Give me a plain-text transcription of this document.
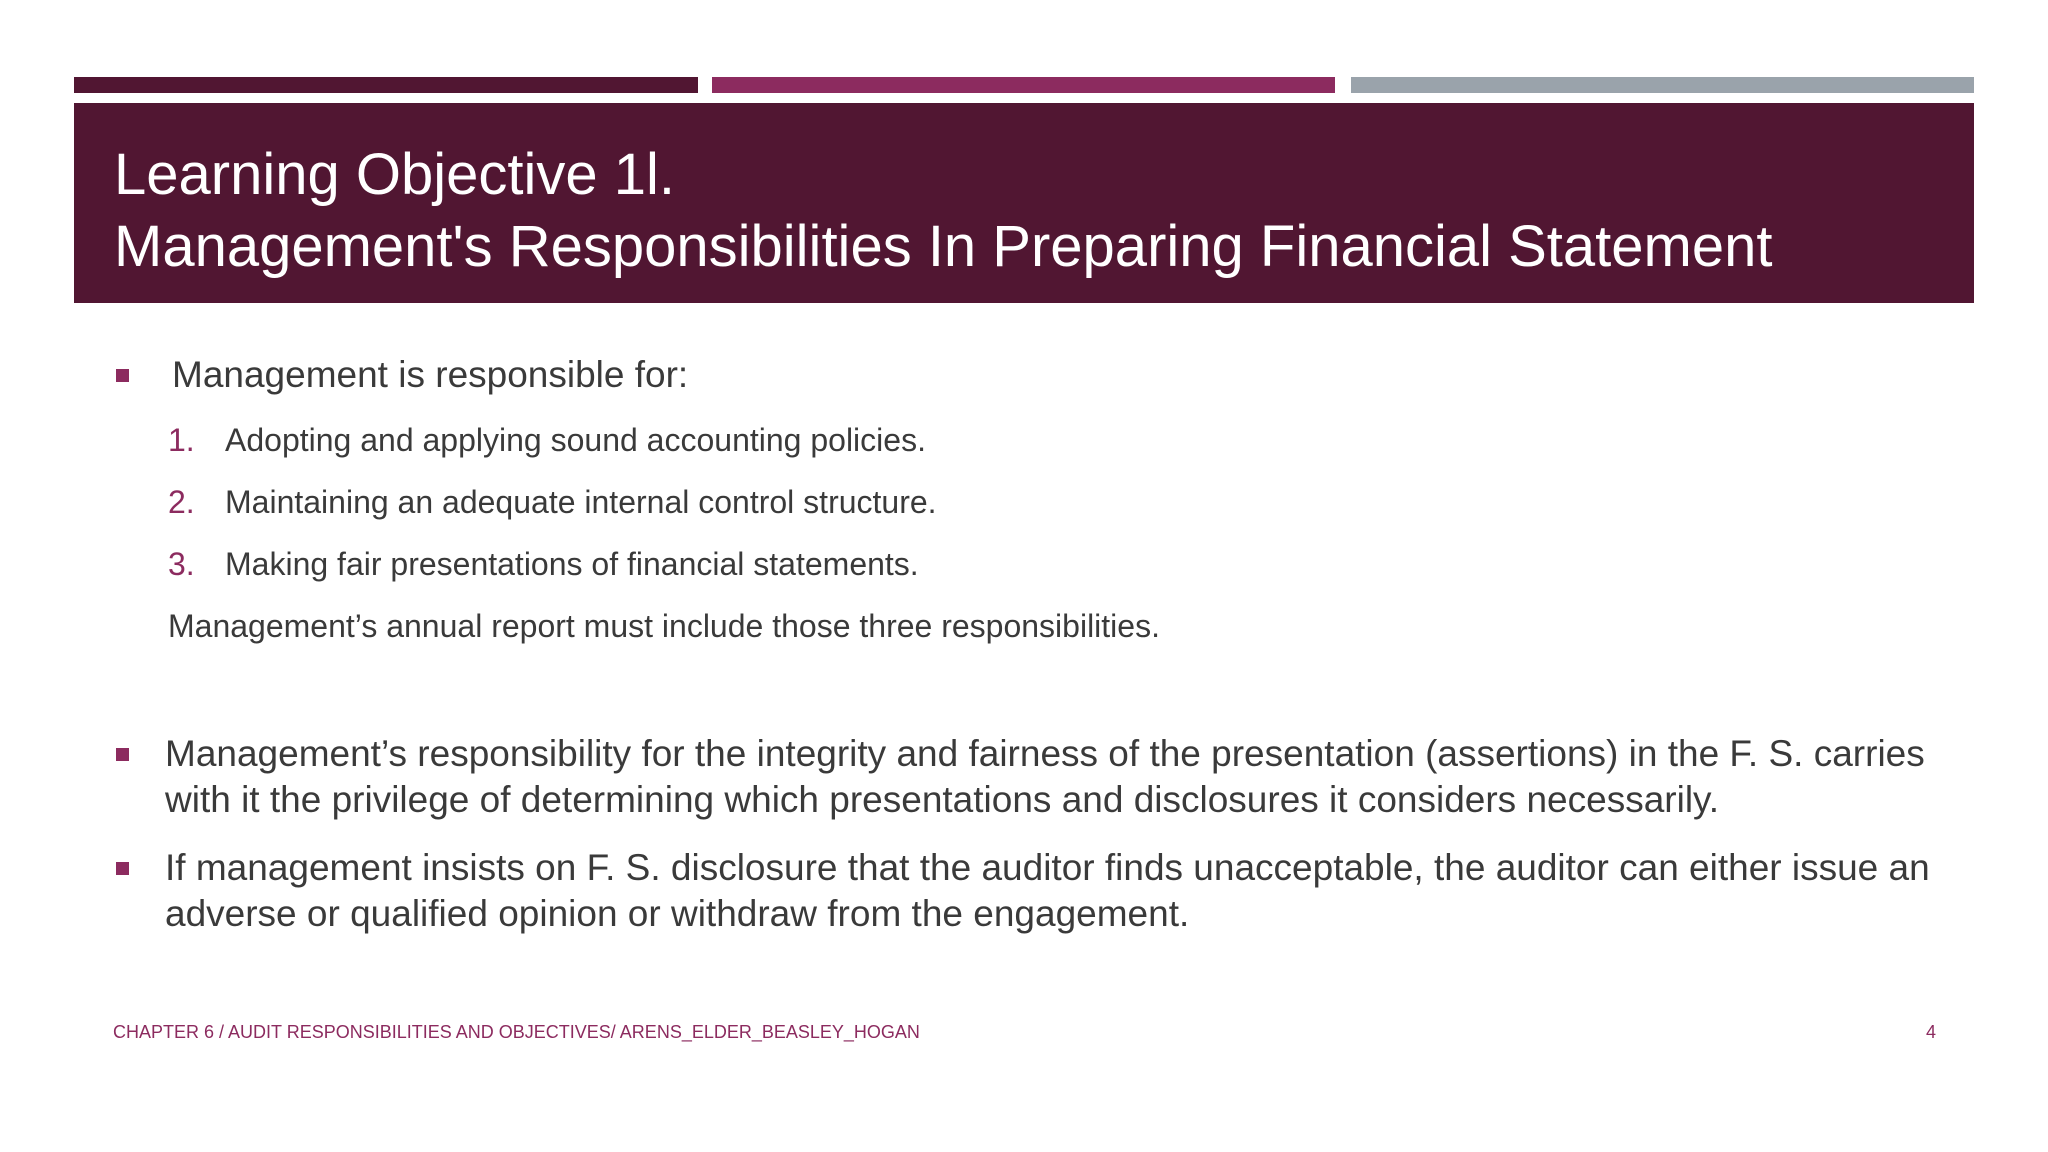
Learning Objective 1l.
Management's Responsibilities In Preparing Financial Statement
Management is responsible for:
1. Adopting and applying sound accounting policies.
2. Maintaining an adequate internal control structure.
3. Making fair presentations of financial statements.
Management’s annual report must include those three responsibilities.
Management’s responsibility for the integrity and fairness of the presentation (assertions) in the F. S. carries with it the privilege of determining which presentations and disclosures it considers necessarily.
If management insists on F. S. disclosure that the auditor finds unacceptable, the auditor can either issue an adverse or qualified opinion or withdraw from the engagement.
CHAPTER 6 / AUDIT RESPONSIBILITIES AND OBJECTIVES/ ARENS_ELDER_BEASLEY_HOGAN	4
